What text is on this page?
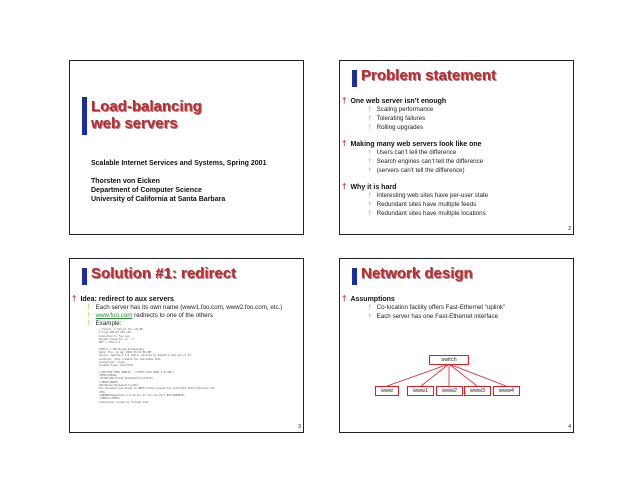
Load-balancing
web servers
Scalable Internet Services and Systems, Spring 2001
Thorsten von Eicken
Department of Computer Science
University of California at Santa Barbara
Problem statement
† One web server isn’t enough
† Scaling performance
† Tolerating failures
† Rolling upgrades
† Making many web servers look like one
† Users can’t tell the difference
† Search engines can’t tell the difference
† (servers can’t tell the difference)
† Why it is hard
† Interesting web sites have per-user state
† Redundant sites have multiple feeds
† Redundant sites have multiple locations
2
Solution #1: redirect
† Idea: redirect to aux servers
† Each server has its own name (www1.foo.com, www2.foo.com, etc.)
† www.foo.com redirects to one of the others
† Example:
> telnet -l telnet foo.com 80
Trying 128.83.104.139...
Connected to foo.com.
Escape character is '^]'.
GET / http/1.0

HTTP/1.1 302 Moved Permanently
Date: Thu, 12 Apr 2001 06:21:08 GMT
Server: Apache/1.3.9 (Unix) secured by Sweetl.0 mod_perl/1.21
Location: http://www12.foo.com/index.html
Connection: close
Content-Type: text/html

<!DOCTYPE HTML PUBLIC "-//IETF//DTD HTML 2.0//EN">
<HTML><HEAD>
<TITLE>302 Moved Permanently</TITLE>
</HEAD><BODY>
<H1>Moved Permanently</H1>
The document has moved <A HREF="http://www12.foo.com/index.html">here</A>.<P>
<HR>
<ADDRESS>Apache/1.3.9 Server at foo.com Port 80</ADDRESS>
</BODY></HTML>
Connection closed by foreign host.
3
Network design
† Assumptions
† Co-location facility offers Fast-Ethernet “uplink”
† Each server has one Fast-Ethernet interface
switch
www	www1	www2	www3	www4
4
